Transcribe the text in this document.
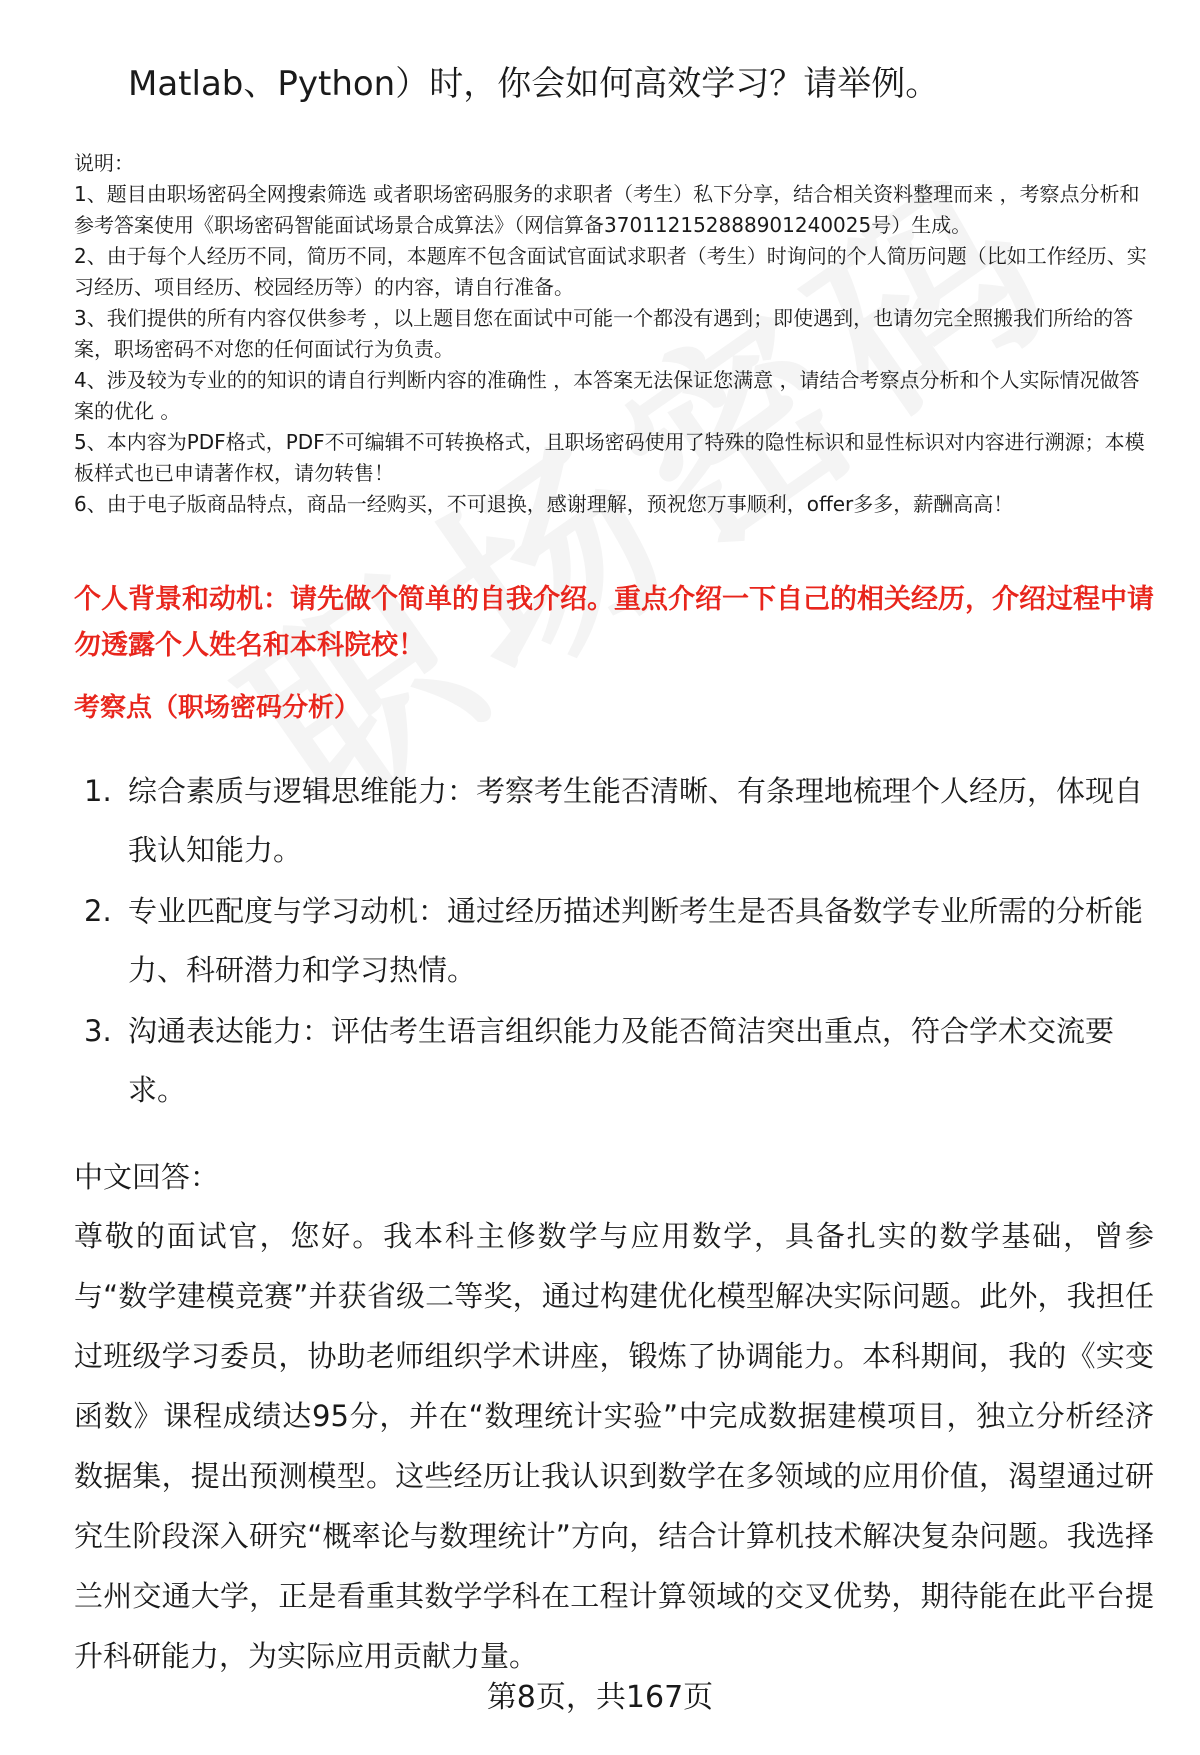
Matlab、Python）时，你会如何高效学习？请举例。

说明：

1、题目由职场密码全网搜索筛选 或者职场密码服务的求职者（考生）私下分享，结合相关资料整理而来 ，考察点分析和参考答案使用《职场密码智能面试场景合成算法》（网信算备370112152888901240025号）生成。

2、由于每个人经历不同，简历不同，本题库不包含面试官面试求职者（考生）时询问的个人简历问题（比如工作经历、实习经历、项目经历、校园经历等）的内容，请自行准备。

3、我们提供的所有内容仅供参考 ，以上题目您在面试中可能一个都没有遇到；即使遇到，也请勿完全照搬我们所给的答案，职场密码不对您的任何面试行为负责。

4、涉及较为专业的的知识的请自行判断内容的准确性 ，本答案无法保证您满意 ，请结合考察点分析和个人实际情况做答案的优化 。

5、本内容为PDF格式，PDF不可编辑不可转换格式，且职场密码使用了特殊的隐性标识和显性标识对内容进行溯源；本模板样式也已申请著作权，请勿转售！

6、由于电子版商品特点，商品一经购买，不可退换，感谢理解，预祝您万事顺利，offer多多，薪酬高高！

个人背景和动机：请先做个简单的自我介绍。重点介绍一下自己的相关经历，介绍过程中请勿透露个人姓名和本科院校！
考察点（职场密码分析）
1. 综合素质与逻辑思维能力：考察考生能否清晰、有条理地梳理个人经历，体现自我认知能力。
2. 专业匹配度与学习动机：通过经历描述判断考生是否具备数学专业所需的分析能力、科研潜力和学习热情。
3. 沟通表达能力：评估考生语言组织能力及能否简洁突出重点，符合学术交流要求。
中文回答：

尊敬的面试官，您好。我本科主修数学与应用数学，具备扎实的数学基础，曾参与“数学建模竞赛”并获省级二等奖，通过构建优化模型解决实际问题。此外，我担任过班级学习委员，协助老师组织学术讲座，锻炼了协调能力。本科期间，我的《实变函数》课程成绩达95分，并在“数理统计实验”中完成数据建模项目，独立分析经济数据集，提出预测模型。这些经历让我认识到数学在多领域的应用价值，渴望通过研究生阶段深入研究“概率论与数理统计”方向，结合计算机技术解决复杂问题。我选择兰州交通大学，正是看重其数学学科在工程计算领域的交叉优势，期待能在此平台提升科研能力，为实际应用贡献力量。

第8页，共167页
